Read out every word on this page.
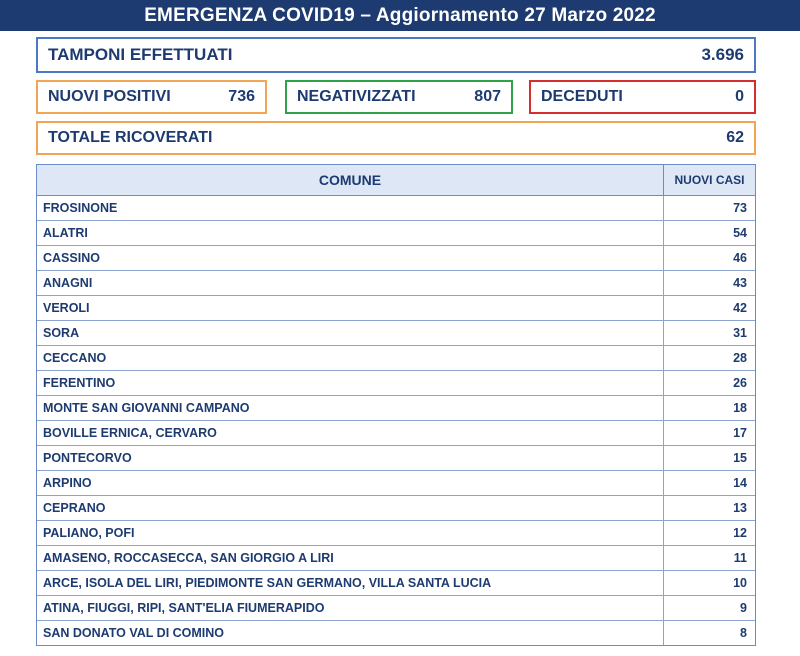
EMERGENZA COVID19 – Aggiornamento 27 Marzo 2022
TAMPONI EFFETTUATI	3.696
NUOVI POSITIVI	736	NEGATIVIZZATI	807	DECEDUTI	0
TOTALE RICOVERATI	62
COMUNE	NUOVI CASI
FROSINONE	73
ALATRI	54
CASSINO	46
ANAGNI	43
VEROLI	42
SORA	31
CECCANO	28
FERENTINO	26
MONTE SAN GIOVANNI CAMPANO	18
BOVILLE ERNICA, CERVARO	17
PONTECORVO	15
ARPINO	14
CEPRANO	13
PALIANO, POFI	12
AMASENO, ROCCASECCA, SAN GIORGIO A LIRI	11
ARCE, ISOLA DEL LIRI, PIEDIMONTE SAN GERMANO, VILLA SANTA LUCIA	10
ATINA, FIUGGI, RIPI, SANT'ELIA FIUMERAPIDO	9
SAN DONATO VAL DI COMINO	8
